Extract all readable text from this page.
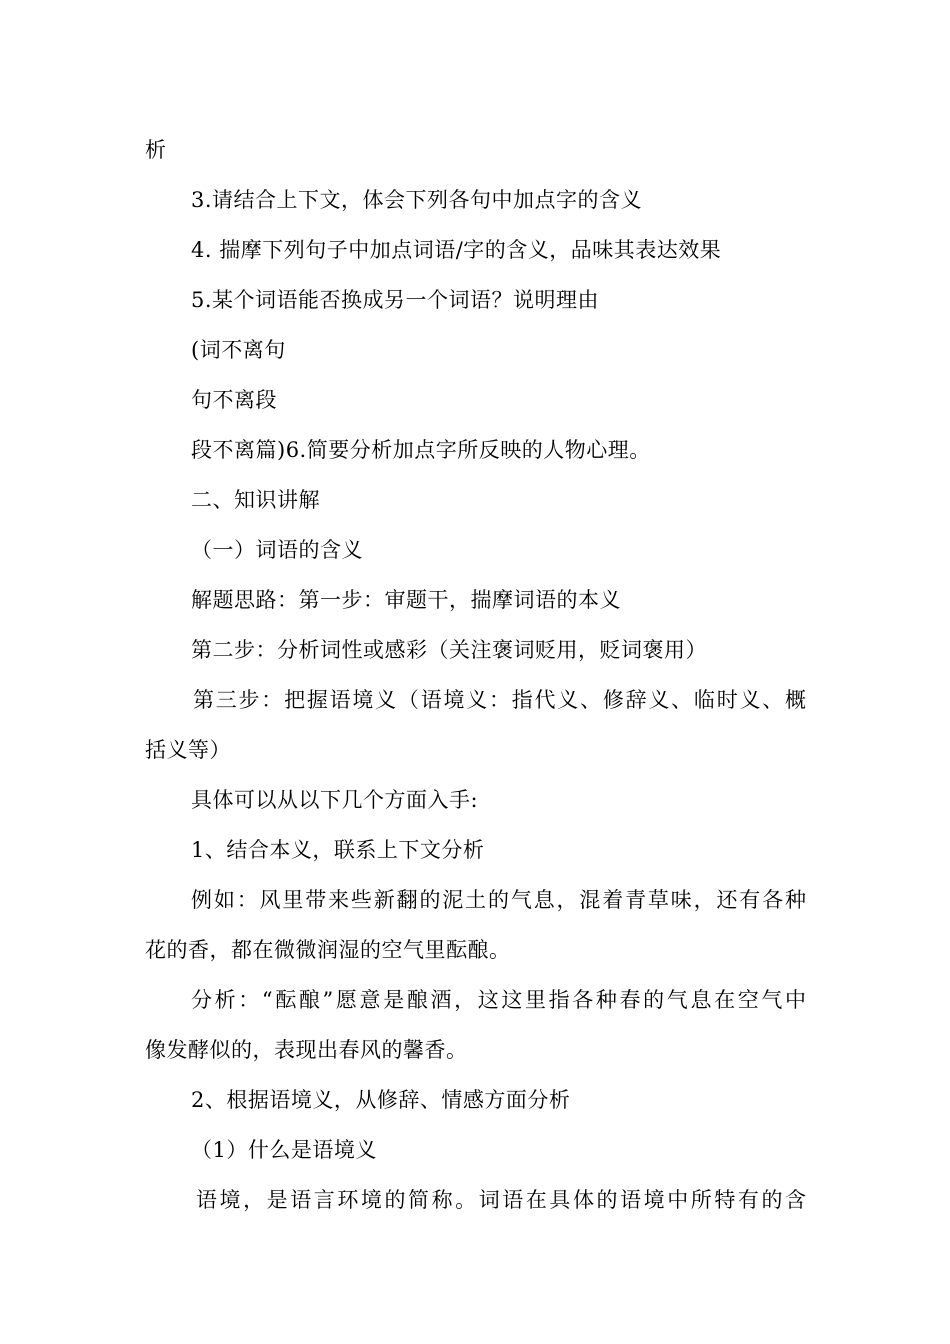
析
3.请结合上下文，体会下列各句中加点字的含义
4. 揣摩下列句子中加点词语/字的含义，品味其表达效果
5.某个词语能否换成另一个词语？说明理由
(词不离句
句不离段
段不离篇)6.简要分析加点字所反映的人物心理。
二、知识讲解
（一）词语的含义
解题思路：第一步：审题干，揣摩词语的本义
第二步：分析词性或感彩（关注褒词贬用，贬词褒用）
第三步：把握语境义（语境义：指代义、修辞义、临时义、概
括义等）
具体可以从以下几个方面入手:
1、结合本义，联系上下文分析
例如：风里带来些新翻的泥土的气息，混着青草味，还有各种
花的香，都在微微润湿的空气里酝酿。
分析：“酝酿”愿意是酿酒，这这里指各种春的气息在空气中
像发酵似的，表现出春风的馨香。
2、根据语境义，从修辞、情感方面分析
（1）什么是语境义
语境，是语言环境的简称。词语在具体的语境中所特有的含
